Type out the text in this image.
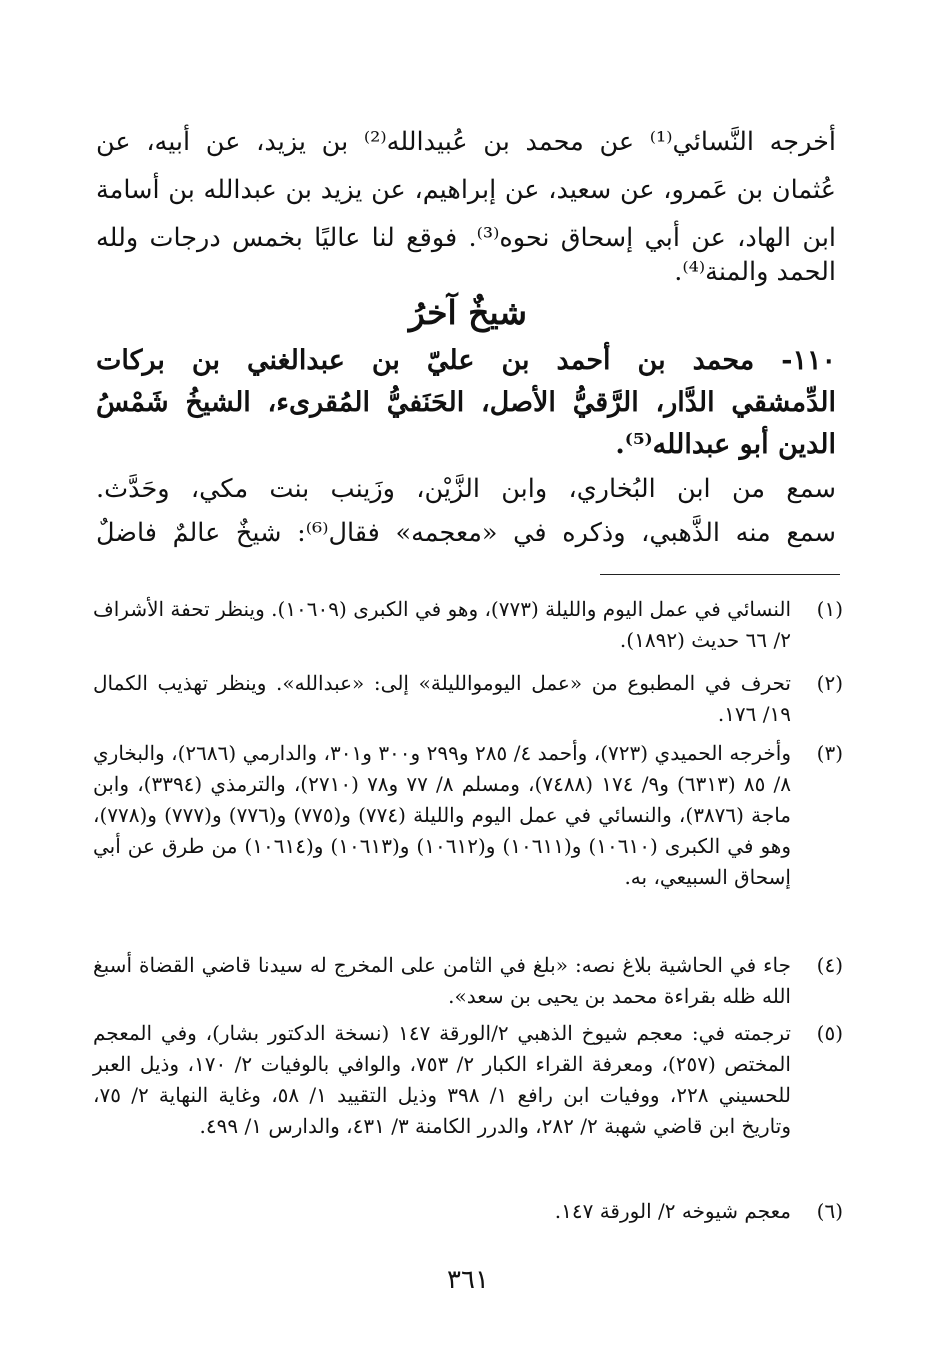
أخرجه النَّسائي⁽¹⁾ عن محمد بن عُبيدالله⁽²⁾ بن يزيد، عن أبيه، عن
عُثمان بن عَمرو، عن سعيد، عن إبراهيم، عن يزيد بن عبدالله بن أسامة
ابن الهاد، عن أبي إسحاق نحوه⁽³⁾. فوقع لنا عاليًا بخمس درجات ولله
الحمد والمنة⁽⁴⁾.
شيخٌ آخرُ
١١٠- محمد بن أحمد بن عليّ بن عبدالغني بن بركات
الدِّمشقي الدَّار، الرَّقيُّ الأصل، الحَنَفيُّ المُقرىء، الشيخُ شَمْسُ
الدين أبو عبدالله⁽⁵⁾.
سمع من ابن البُخاري، وابن الزَّيْن، وزَينب بنت مكي، وحَدَّث.
سمع منه الذَّهبي، وذكره في «معجمه» فقال⁽⁶⁾: شيخٌ عالمٌ فاضلٌ
(١)
النسائي في عمل اليوم والليلة (٧٧٣)، وهو في الكبرى (١٠٦٠٩). وينظر تحفة الأشراف ٢/ ٦٦ حديث (١٨٩٢).
(٢)
تحرف في المطبوع من «عمل اليوموالليلة» إلى: «عبدالله». وينظر تهذيب الكمال ١٩/ ١٧٦.
(٣)
وأخرجه الحميدي (٧٢٣)، وأحمد ٤/ ٢٨٥ و٢٩٩ و٣٠٠ و٣٠١، والدارمي (٢٦٨٦)، والبخاري ٨/ ٨٥ (٦٣١٣) و٩/ ١٧٤ (٧٤٨٨)، ومسلم ٨/ ٧٧ و٧٨ (٢٧١٠)، والترمذي (٣٣٩٤)، وابن ماجة (٣٨٧٦)، والنسائي في عمل اليوم والليلة (٧٧٤) و(٧٧٥) و(٧٧٦) و(٧٧٧) و(٧٧٨)، وهو في الكبرى (١٠٦١٠) و(١٠٦١١) و(١٠٦١٢) و(١٠٦١٣) و(١٠٦١٤) من طرق عن أبي إسحاق السبيعي، به.
(٤)
جاء في الحاشية بلاغ نصه: «بلغ في الثامن على المخرج له سيدنا قاضي القضاة أسبغ الله ظله بقراءة محمد بن يحيى بن سعد».
(٥)
ترجمته في: معجم شيوخ الذهبي ٢/الورقة ١٤٧ (نسخة الدكتور بشار)، وفي المعجم المختص (٢٥٧)، ومعرفة القراء الكبار ٢/ ٧٥٣، والوافي بالوفيات ٢/ ١٧٠، وذيل العبر للحسيني ٢٢٨، ووفيات ابن رافع ١/ ٣٩٨ وذيل التقييد ١/ ٥٨، وغاية النهاية ٢/ ٧٥، وتاريخ ابن قاضي شهبة ٢/ ٢٨٢، والدرر الكامنة ٣/ ٤٣١، والدارس ١/ ٤٩٩.
(٦)
معجم شيوخه ٢/ الورقة ١٤٧.
٣٦١
